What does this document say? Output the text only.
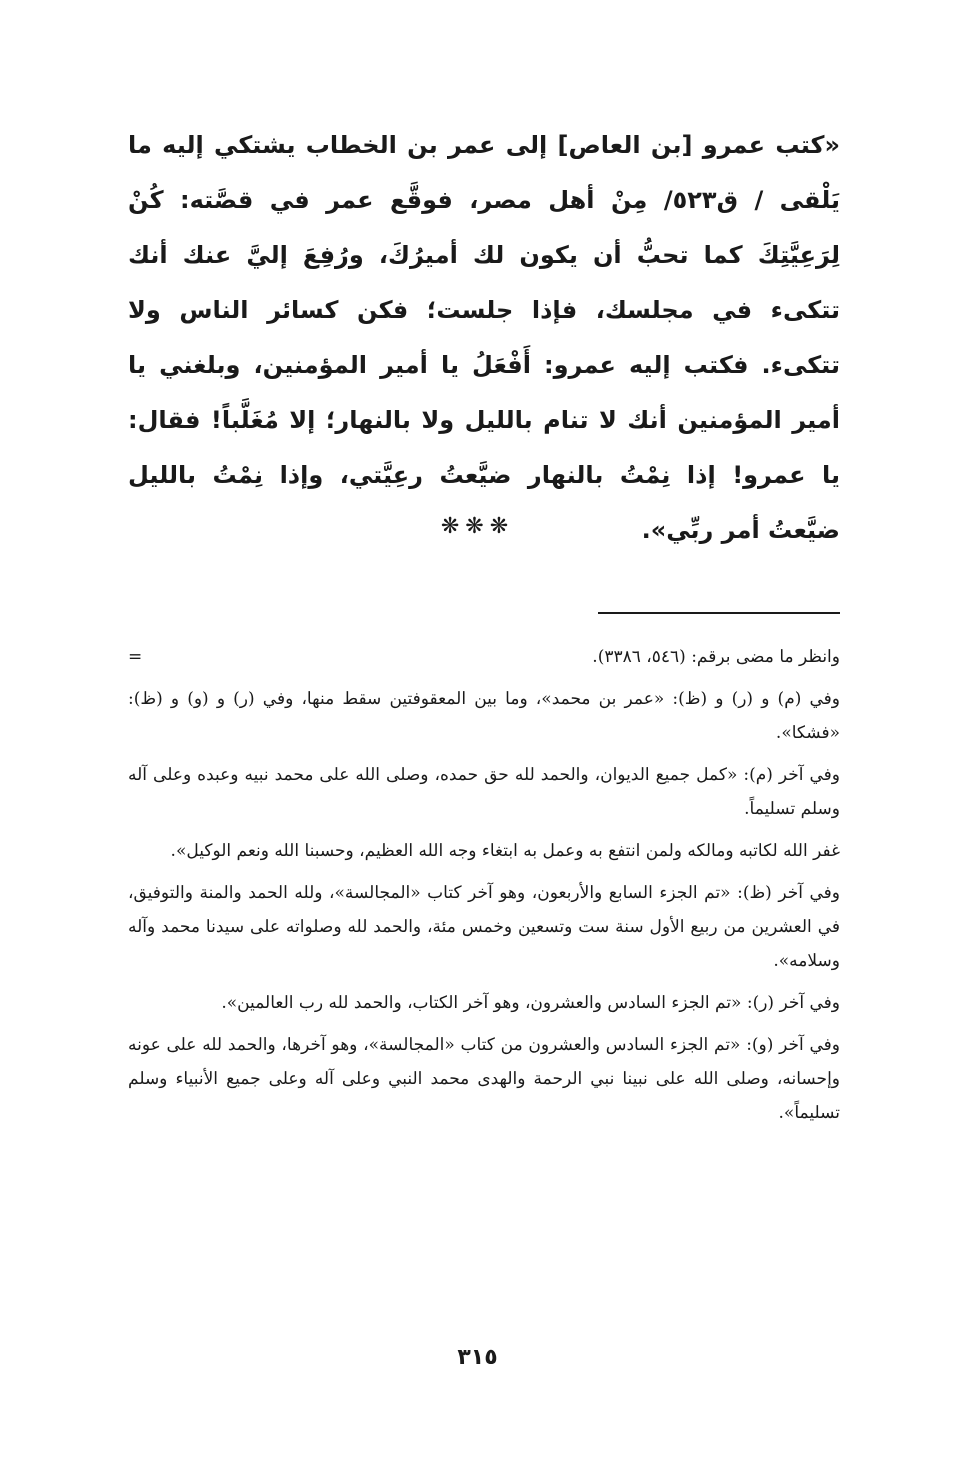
«كتب عمرو [بن العاص] إلى عمر بن الخطاب يشتكي إليه ما يَلْقى / ق٥٢٣/ مِنْ أهل مصر، فوقَّع عمر في قصَّته: كُنْ لِرَعِيَّتِكَ كما تحبُّ أن يكون لك أميرُكَ، ورُفِعَ إليَّ عنك أنك تتكىء في مجلسك، فإذا جلست؛ فكن كسائر الناس ولا تتكىء. فكتب إليه عمرو: أَفْعَلُ يا أمير المؤمنين، وبلغني يا أمير المؤمنين أنك لا تنام بالليل ولا بالنهار؛ إلا مُغَلَّباً! فقال: يا عمرو! إذا نِمْتُ بالنهار ضيَّعتُ رعِيَّتي، وإذا نِمْتُ بالليل ضيَّعتُ أمر ربِّي».

❋❋❋
وانظر ما مضى برقم: (٥٤٦، ٣٣٨٦).
=

وفي (م) و (ر) و (ظ): «عمر بن محمد»، وما بين المعقوفتين سقط منها، وفي (ر) و (و) و (ظ): «فشكا».

وفي آخر (م): «كمل جميع الديوان، والحمد لله حق حمده، وصلى الله على محمد نبيه وعبده وعلى آله وسلم تسليماً.

غفر الله لكاتبه ومالكه ولمن انتفع به وعمل به ابتغاء وجه الله العظيم، وحسبنا الله ونعم الوكيل».

وفي آخر (ظ): «تم الجزء السابع والأربعون، وهو آخر كتاب «المجالسة»، ولله الحمد والمنة والتوفيق، في العشرين من ربيع الأول سنة ست وتسعين وخمس مئة، والحمد لله وصلواته على سيدنا محمد وآله وسلامه».

وفي آخر (ر): «تم الجزء السادس والعشرون، وهو آخر الكتاب، والحمد لله رب العالمين».

وفي آخر (و): «تم الجزء السادس والعشرون من كتاب «المجالسة»، وهو آخرها، والحمد لله على عونه وإحسانه، وصلى الله على نبينا نبي الرحمة والهدى محمد النبي وعلى آله وعلى جميع الأنبياء وسلم تسليماً».

٣١٥
